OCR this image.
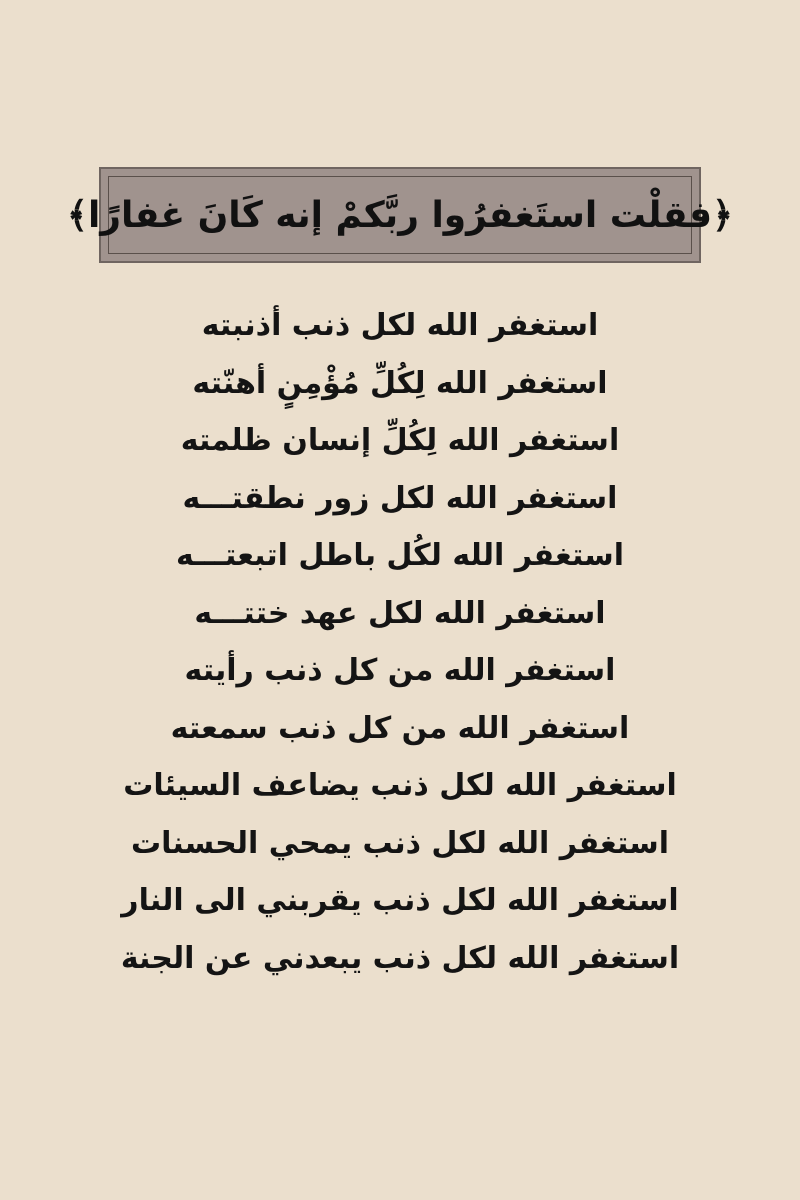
﴿فقلْت استَغفرُوا ربَّكمْ إنه كَانَ غفارًا﴾
استغفر الله لكل ذنب أذنبته
استغفر الله لِكُلِّ مُؤْمِنٍ أهنّته
استغفر الله لِكُلِّ إنسان ظلمته
استغفر الله لكل زور نطقتـــه
استغفر الله لكُل باطل اتبعتـــه
استغفر الله لكل عهد ختتـــه
استغفر الله من كل ذنب رأيته
استغفر الله من كل ذنب سمعته
استغفر الله لكل ذنب يضاعف السيئات
استغفر الله لكل ذنب يمحي الحسنات
استغفر الله لكل ذنب يقربني الى النار
استغفر الله لكل ذنب يبعدني عن الجنة
